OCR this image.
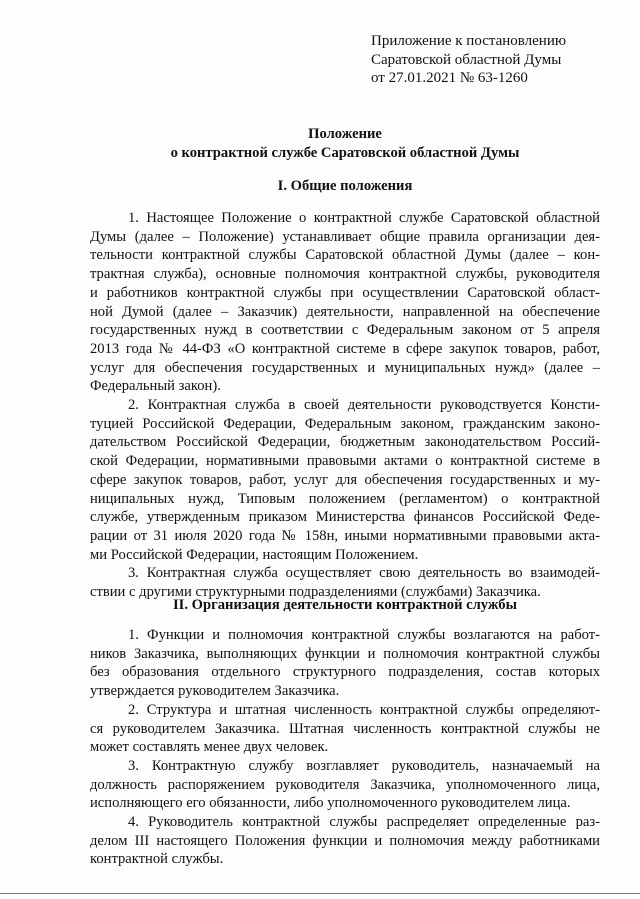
Приложение к постановлению
Саратовской областной Думы
от 27.01.2021 № 63-1260
Положение
о контрактной службе Саратовской областной Думы
I. Общие положения
1. Настоящее Положение о контрактной службе Саратовской областной
Думы (далее – Положение) устанавливает общие правила организации дея-
тельности контрактной службы Саратовской областной Думы (далее – кон-
трактная служба), основные полномочия контрактной службы, руководителя
и работников контрактной службы при осуществлении Саратовской област-
ной Думой (далее – Заказчик) деятельности, направленной на обеспечение
государственных нужд в соответствии с Федеральным законом от 5 апреля
2013 года № 44-ФЗ «О контрактной системе в сфере закупок товаров, работ,
услуг для обеспечения государственных и муниципальных нужд» (далее –
Федеральный закон).
2. Контрактная служба в своей деятельности руководствуется Консти-
туцией Российской Федерации, Федеральным законом, гражданским законо-
дательством Российской Федерации, бюджетным законодательством Россий-
ской Федерации, нормативными правовыми актами о контрактной системе в
сфере закупок товаров, работ, услуг для обеспечения государственных и му-
ниципальных нужд, Типовым положением (регламентом) о контрактной
службе, утвержденным приказом Министерства финансов Российской Феде-
рации от 31 июля 2020 года № 158н, иными нормативными правовыми акта-
ми Российской Федерации, настоящим Положением.
3. Контрактная служба осуществляет свою деятельность во взаимодей-
ствии с другими структурными подразделениями (службами) Заказчика.
II. Организация деятельности контрактной службы
1. Функции и полномочия контрактной службы возлагаются на работ-
ников Заказчика, выполняющих функции и полномочия контрактной службы
без образования отдельного структурного подразделения, состав которых
утверждается руководителем Заказчика.
2. Структура и штатная численность контрактной службы определяют-
ся руководителем Заказчика. Штатная численность контрактной службы не
может составлять менее двух человек.
3. Контрактную службу возглавляет руководитель, назначаемый на
должность распоряжением руководителя Заказчика, уполномоченного лица,
исполняющего его обязанности, либо уполномоченного руководителем лица.
4. Руководитель контрактной службы распределяет определенные раз-
делом III настоящего Положения функции и полномочия между работниками
контрактной службы.
